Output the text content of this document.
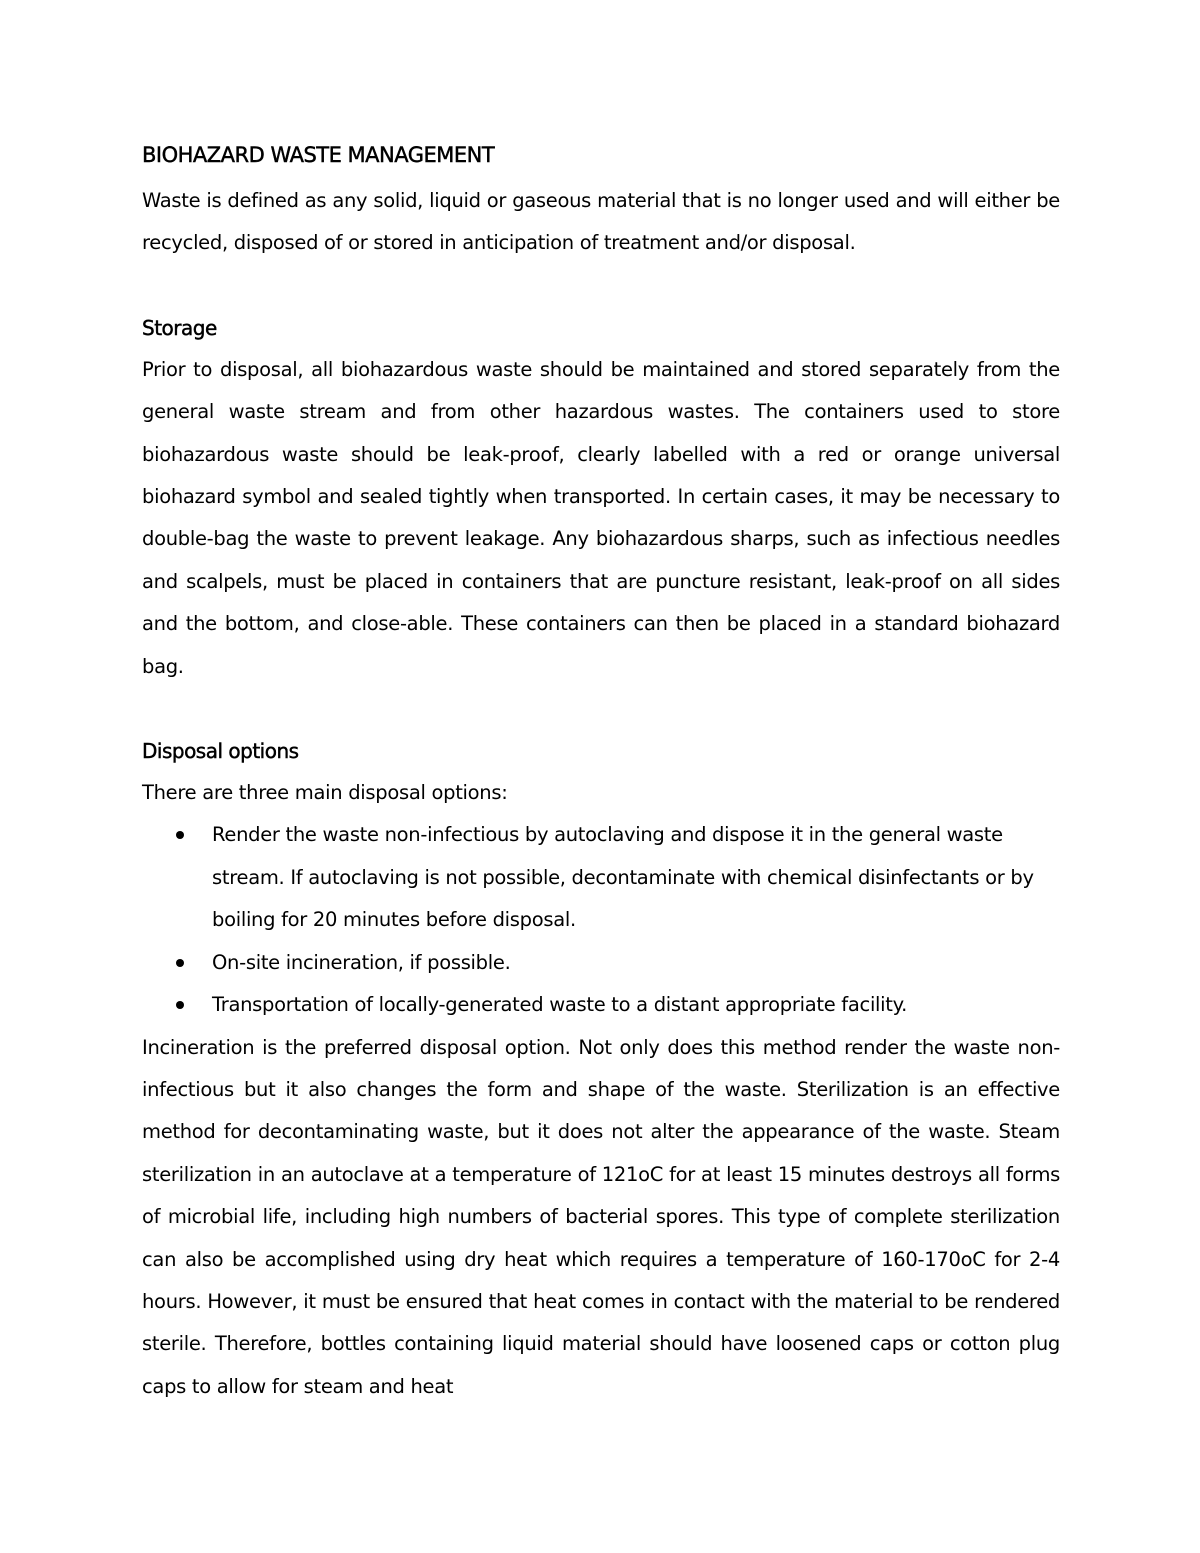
BIOHAZARD WASTE MANAGEMENT

Waste is defined as any solid, liquid or gaseous material that is no longer used and will either be recycled, disposed of or stored in anticipation of treatment and/or disposal.

Storage

Prior to disposal, all biohazardous waste should be maintained and stored separately from the general waste stream and from other hazardous wastes. The containers used to store biohazardous waste should be leak-proof, clearly labelled with a red or orange universal biohazard symbol and sealed tightly when transported. In certain cases, it may be necessary to double-bag the waste to prevent leakage. Any biohazardous sharps, such as infectious needles and scalpels, must be placed in containers that are puncture resistant, leak-proof on all sides and the bottom, and close-able. These containers can then be placed in a standard biohazard bag.

Disposal options

There are three main disposal options:

Render the waste non-infectious by autoclaving and dispose it in the general waste stream. If autoclaving is not possible, decontaminate with chemical disinfectants or by boiling for 20 minutes before disposal.
On-site incineration, if possible.
Transportation of locally-generated waste to a distant appropriate facility.

Incineration is the preferred disposal option. Not only does this method render the waste non-infectious but it also changes the form and shape of the waste. Sterilization is an effective method for decontaminating waste, but it does not alter the appearance of the waste. Steam sterilization in an autoclave at a temperature of 121oC for at least 15 minutes destroys all forms of microbial life, including high numbers of bacterial spores. This type of complete sterilization can also be accomplished using dry heat which requires a temperature of 160-170oC for 2-4 hours. However, it must be ensured that heat comes in contact with the material to be rendered sterile. Therefore, bottles containing liquid material should have loosened caps or cotton plug caps to allow for steam and heat
